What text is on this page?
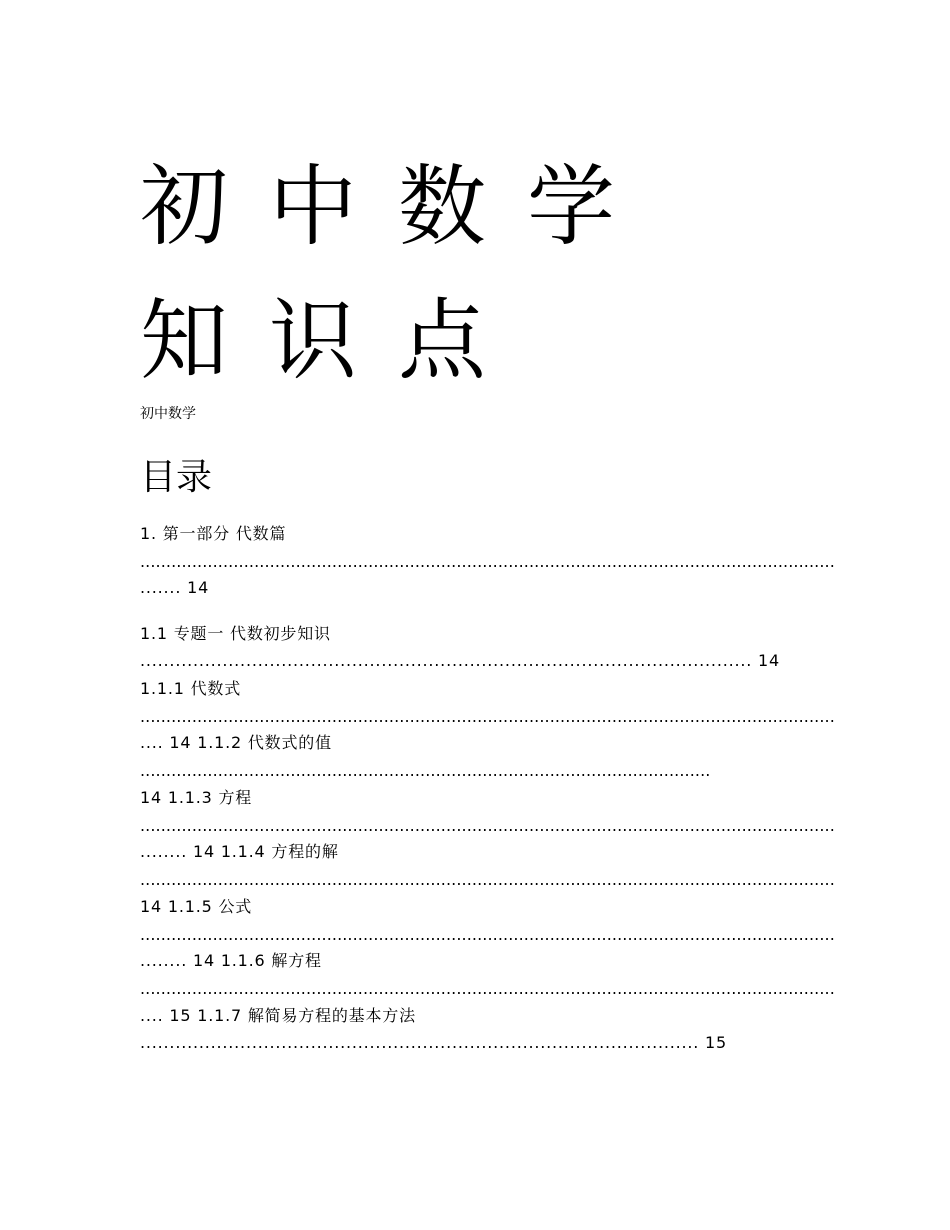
初中数学知识点

初中数学

目录
1. 第一部分 代数篇
......................................................................................................................................
....... 14
1.1 专题一 代数初步知识
........................................................................................................ 14
1.1.1 代数式
......................................................................................................................................
.... 14 1.1.2 代数式的值
..............................................................................................................
14 1.1.3 方程
......................................................................................................................................
........ 14 1.1.4 方程的解
......................................................................................................................................
14 1.1.5 公式
......................................................................................................................................
........ 14 1.1.6 解方程
......................................................................................................................................
.... 15 1.1.7 解简易方程的基本方法
............................................................................................... 15
